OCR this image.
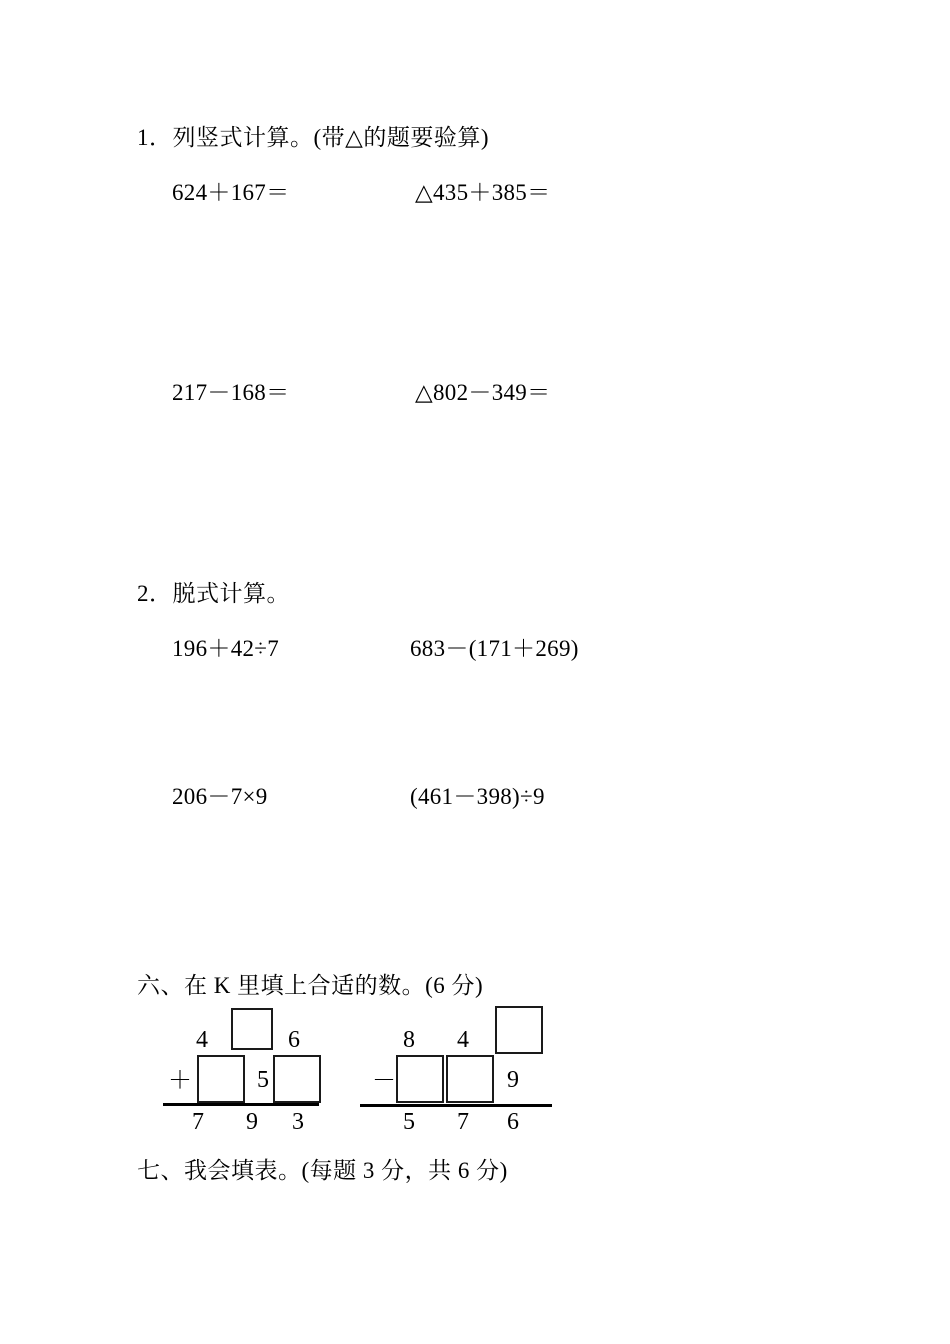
1．列竖式计算。(带△的题要验算)
624＋167＝	△435＋385＝
217－168＝	△802－349＝
2．脱式计算。
196＋42÷7	683－(171＋269)
206－7×9	(461－398)÷9
六、在 K 里填上合适的数。(6 分)
4	6
＋	5
7 9 3
8 4
－	9
5 7 6
七、我会填表。(每题 3 分，共 6 分)
